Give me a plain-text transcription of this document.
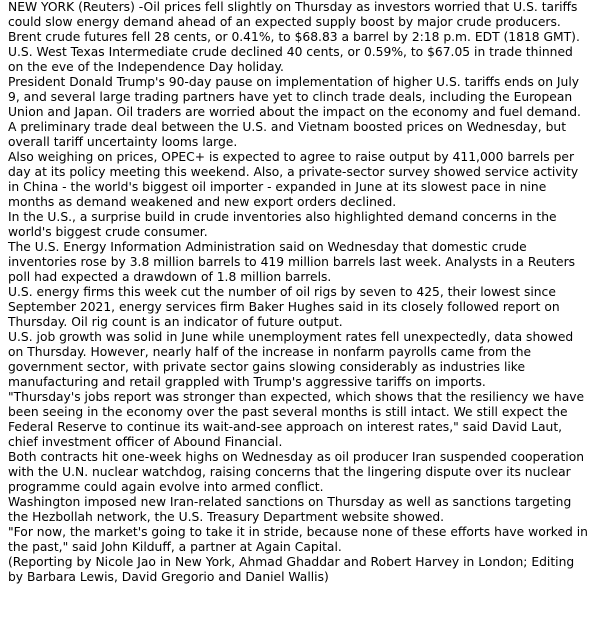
NEW YORK (Reuters) -Oil prices fell slightly on Thursday as investors worried that U.S. tariffs could slow energy demand ahead of an expected supply boost by major crude producers.

Brent crude futures fell 28 cents, or 0.41%, to $68.83 a barrel by 2:18 p.m. EDT (1818 GMT). U.S. West Texas Intermediate crude declined 40 cents, or 0.59%, to $67.05 in trade thinned on the eve of the Independence Day holiday.

President Donald Trump's 90-day pause on implementation of higher U.S. tariffs ends on July 9, and several large trading partners have yet to clinch trade deals, including the European Union and Japan. Oil traders are worried about the impact on the economy and fuel demand.

A preliminary trade deal between the U.S. and Vietnam boosted prices on Wednesday, but overall tariff uncertainty looms large.

Also weighing on prices, OPEC+ is expected to agree to raise output by 411,000 barrels per day at its policy meeting this weekend. Also, a private-sector survey showed service activity in China - the world's biggest oil importer - expanded in June at its slowest pace in nine months as demand weakened and new export orders declined.

In the U.S., a surprise build in crude inventories also highlighted demand concerns in the world's biggest crude consumer.

The U.S. Energy Information Administration said on Wednesday that domestic crude inventories rose by 3.8 million barrels to 419 million barrels last week. Analysts in a Reuters poll had expected a drawdown of 1.8 million barrels.

U.S. energy firms this week cut the number of oil rigs by seven to 425, their lowest since September 2021, energy services firm Baker Hughes said in its closely followed report on Thursday. Oil rig count is an indicator of future output.

U.S. job growth was solid in June while unemployment rates fell unexpectedly, data showed on Thursday. However, nearly half of the increase in nonfarm payrolls came from the government sector, with private sector gains slowing considerably as industries like manufacturing and retail grappled with Trump's aggressive tariffs on imports.

"Thursday's jobs report was stronger than expected, which shows that the resiliency we have been seeing in the economy over the past several months is still intact. We still expect the Federal Reserve to continue its wait-and-see approach on interest rates," said David Laut, chief investment officer of Abound Financial.

Both contracts hit one-week highs on Wednesday as oil producer Iran suspended cooperation with the U.N. nuclear watchdog, raising concerns that the lingering dispute over its nuclear programme could again evolve into armed conflict.

Washington imposed new Iran-related sanctions on Thursday as well as sanctions targeting the Hezbollah network, the U.S. Treasury Department website showed.

"For now, the market's going to take it in stride, because none of these efforts have worked in the past," said John Kilduff, a partner at Again Capital.

(Reporting by Nicole Jao in New York, Ahmad Ghaddar and Robert Harvey in London; Editing by Barbara Lewis, David Gregorio and Daniel Wallis)
